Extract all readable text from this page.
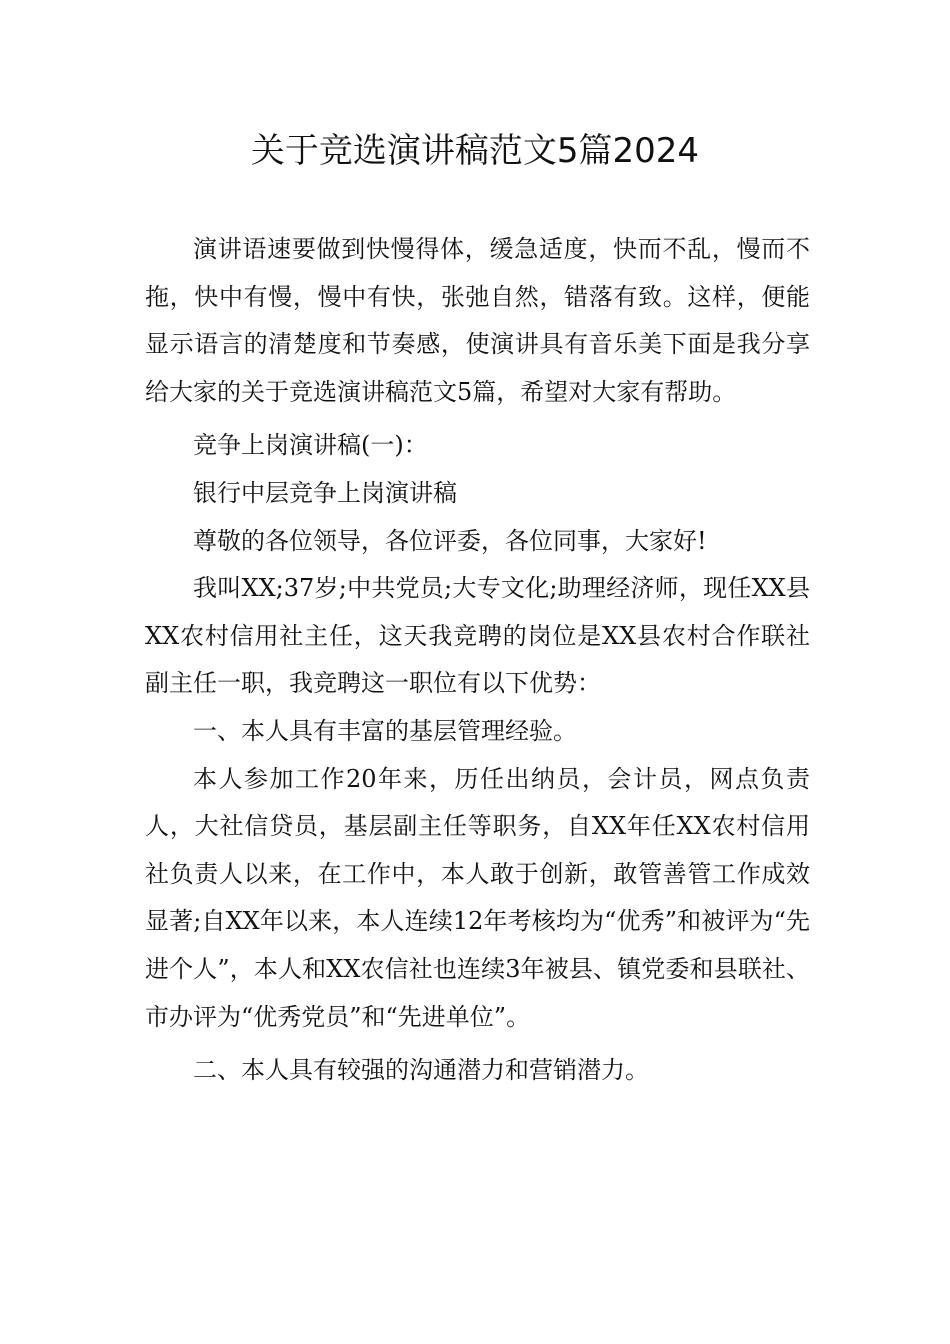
关于竞选演讲稿范文5篇2024

演讲语速要做到快慢得体，缓急适度，快而不乱，慢而不拖，快中有慢，慢中有快，张弛自然，错落有致。这样，便能显示语言的清楚度和节奏感，使演讲具有音乐美下面是我分享给大家的关于竞选演讲稿范文5篇，希望对大家有帮助。

竞争上岗演讲稿(一)：

银行中层竞争上岗演讲稿

尊敬的各位领导，各位评委，各位同事，大家好!

我叫XX;37岁;中共党员;大专文化;助理经济师，现任XX县XX农村信用社主任，这天我竞聘的岗位是XX县农村合作联社副主任一职，我竞聘这一职位有以下优势：

一、本人具有丰富的基层管理经验。

本人参加工作20年来，历任出纳员，会计员，网点负责人，大社信贷员，基层副主任等职务，自XX年任XX农村信用社负责人以来，在工作中，本人敢于创新，敢管善管工作成效显著;自XX年以来，本人连续12年考核均为“优秀”和被评为“先进个人”，本人和XX农信社也连续3年被县、镇党委和县联社、市办评为“优秀党员”和“先进单位”。

二、本人具有较强的沟通潜力和营销潜力。
